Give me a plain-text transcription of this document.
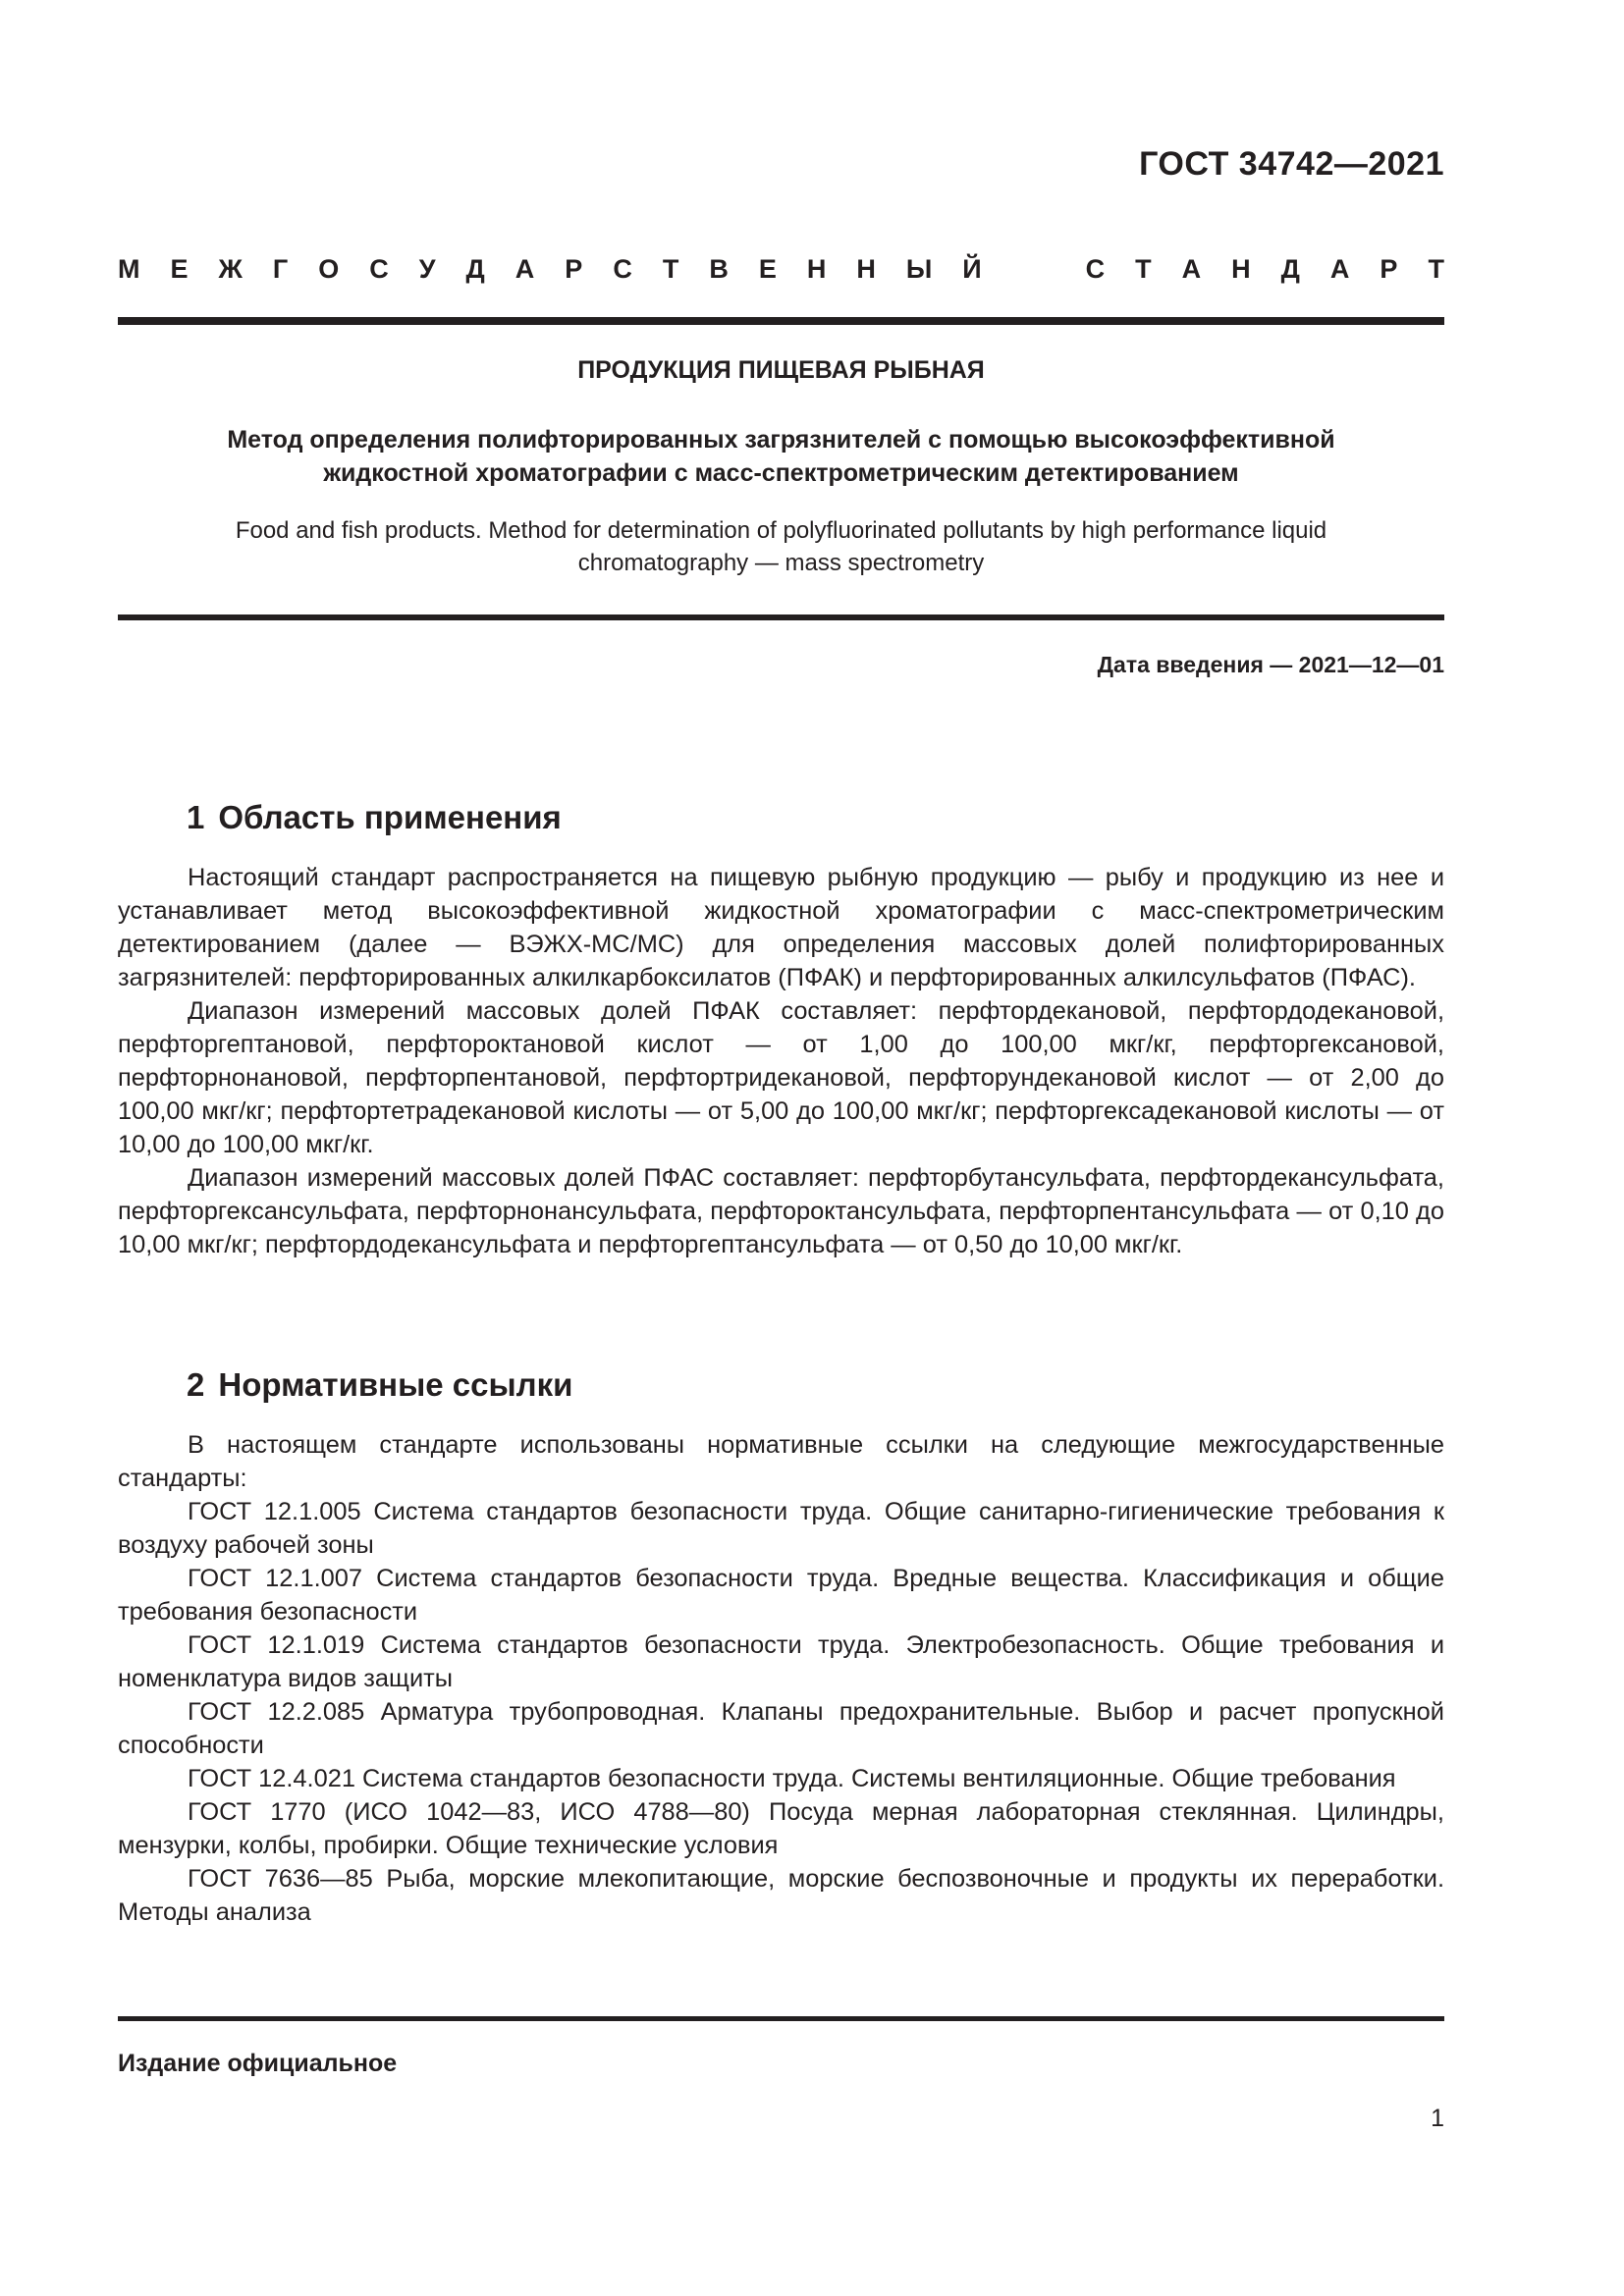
ГОСТ 34742—2021
М Е Ж Г О С У Д А Р С Т В Е Н Н Ы Й	С Т А Н Д А Р Т
ПРОДУКЦИЯ ПИЩЕВАЯ РЫБНАЯ
Метод определения полифторированных загрязнителей с помощью высокоэффективной
жидкостной хроматографии с масс-спектрометрическим детектированием
Food and fish products. Method for determination of polyfluorinated pollutants by high performance liquid
chromatography — mass spectrometry
Дата введения — 2021—12—01
1 Область применения

Настоящий стандарт распространяется на пищевую рыбную продукцию — рыбу и продукцию из нее и устанавливает метод высокоэффективной жидкостной хроматографии с масс-спектрометрическим детектированием (далее — ВЭЖХ-МС/МС) для определения массовых долей полифторированных загрязнителей: перфторированных алкилкарбоксилатов (ПФАК) и перфторированных алкилсульфатов (ПФАС).

Диапазон измерений массовых долей ПФАК составляет: перфтордекановой, перфтордодекановой, перфторгептановой, перфтороктановой кислот — от 1,00 до 100,00 мкг/кг, перфторгексановой, перфторнонановой, перфторпентановой, перфтортридекановой, перфторундекановой кислот — от 2,00 до 100,00 мкг/кг; перфтортетрадекановой кислоты — от 5,00 до 100,00 мкг/кг; перфторгексадекановой кислоты — от 10,00 до 100,00 мкг/кг.

Диапазон измерений массовых долей ПФАС составляет: перфторбутансульфата, перфтордекансульфата, перфторгексансульфата, перфторнонансульфата, перфтороктансульфата, перфторпентансульфата — от 0,10 до 10,00 мкг/кг; перфтордодекансульфата и перфторгептансульфата — от 0,50 до 10,00 мкг/кг.

2 Нормативные ссылки

В настоящем стандарте использованы нормативные ссылки на следующие межгосударственные стандарты:

ГОСТ 12.1.005 Система стандартов безопасности труда. Общие санитарно-гигиенические требования к воздуху рабочей зоны

ГОСТ 12.1.007 Система стандартов безопасности труда. Вредные вещества. Классификация и общие требования безопасности

ГОСТ 12.1.019 Система стандартов безопасности труда. Электробезопасность. Общие требования и номенклатура видов защиты

ГОСТ 12.2.085 Арматура трубопроводная. Клапаны предохранительные. Выбор и расчет пропускной способности

ГОСТ 12.4.021 Система стандартов безопасности труда. Системы вентиляционные. Общие требования

ГОСТ 1770 (ИСО 1042—83, ИСО 4788—80) Посуда мерная лабораторная стеклянная. Цилиндры, мензурки, колбы, пробирки. Общие технические условия

ГОСТ 7636—85 Рыба, морские млекопитающие, морские беспозвоночные и продукты их переработки. Методы анализа

Издание официальное
1
